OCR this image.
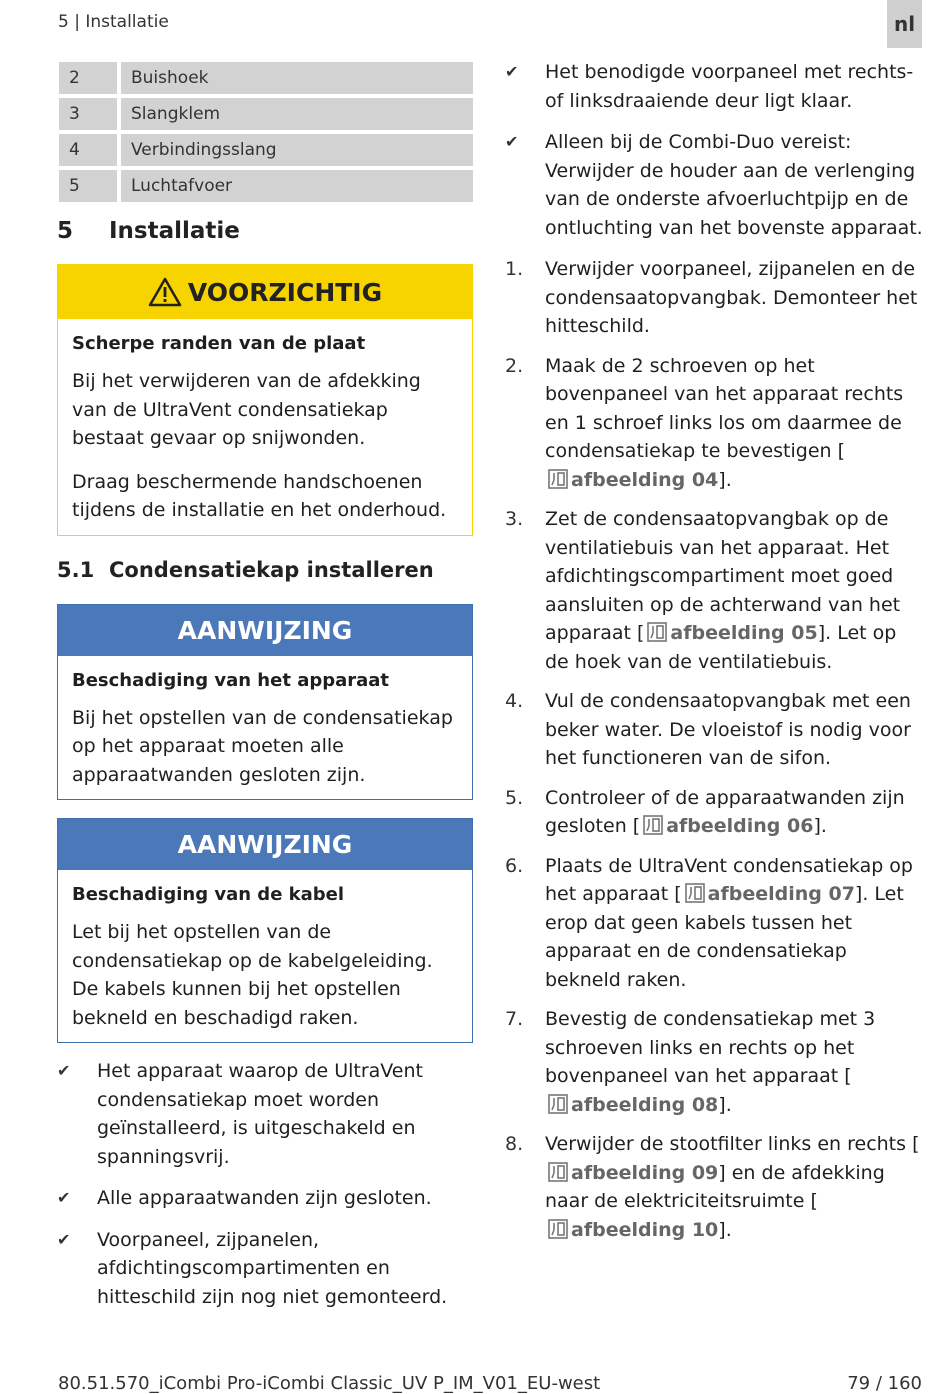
5 | Installatie	nl
2	Buishoek
3	Slangklem
4	Verbindingsslang
5	Luchtafvoer
5	Installatie
VOORZICHTIG
Scherpe randen van de plaat

Bij het verwijderen van de afdekking van de UltraVent condensatiekap bestaat gevaar op snijwonden.

Draag beschermende handschoenen tijdens de installatie en het onderhoud.

5.1 Condensatiekap installeren
AANWIJZING
Beschadiging van het apparaat

Bij het opstellen van de condensatiekap op het apparaat moeten alle apparaatwanden gesloten zijn.

AANWIJZING
Beschadiging van de kabel

Let bij het opstellen van de condensatiekap op de kabelgeleiding. De kabels kunnen bij het opstellen bekneld en beschadigd raken.

✔	Het apparaat waarop de UltraVent condensatiekap moet worden geïnstalleerd, is uitgeschakeld en spanningsvrij.
✔	Alle apparaatwanden zijn gesloten.
✔	Voorpaneel, zijpanelen, afdichtingscompartimenten en hitteschild zijn nog niet gemonteerd.
✔	Het benodigde voorpaneel met rechts- of linksdraaiende deur ligt klaar.
✔	Alleen bij de Combi-Duo vereist: Verwijder de houder aan de verlenging van de onderste afvoerluchtpijp en de ontluchting van het bovenste apparaat.
1.	Verwijder voorpaneel, zijpanelen en de condensaatopvangbak. Demonteer het hitteschild.
2.	Maak de 2 schroeven op het bovenpaneel van het apparaat rechts en 1 schroef links los om daarmee de condensatiekap te bevestigen [afbeelding 04].
3.	Zet de condensaatopvangbak op de ventilatiebuis van het apparaat. Het afdichtingscompartiment moet goed aansluiten op de achterwand van het apparaat [ afbeelding 05]. Let op de hoek van de ventilatiebuis.
4.	Vul de condensaatopvangbak met een beker water. De vloeistof is nodig voor het functioneren van de sifon.
5.	Controleer of de apparaatwanden zijn gesloten [ afbeelding 06].
6.	Plaats de UltraVent condensatiekap op het apparaat [ afbeelding 07]. Let erop dat geen kabels tussen het apparaat en de condensatiekap bekneld raken.
7.	Bevestig de condensatiekap met 3 schroeven links en rechts op het bovenpaneel van het apparaat [afbeelding 08].
8.	Verwijder de stootfilter links en rechts [afbeelding 09] en de afdekking naar de elektriciteitsruimte [afbeelding 10].
80.51.570_iCombi Pro-iCombi Classic_UV P_IM_V01_EU-west	79 / 160
